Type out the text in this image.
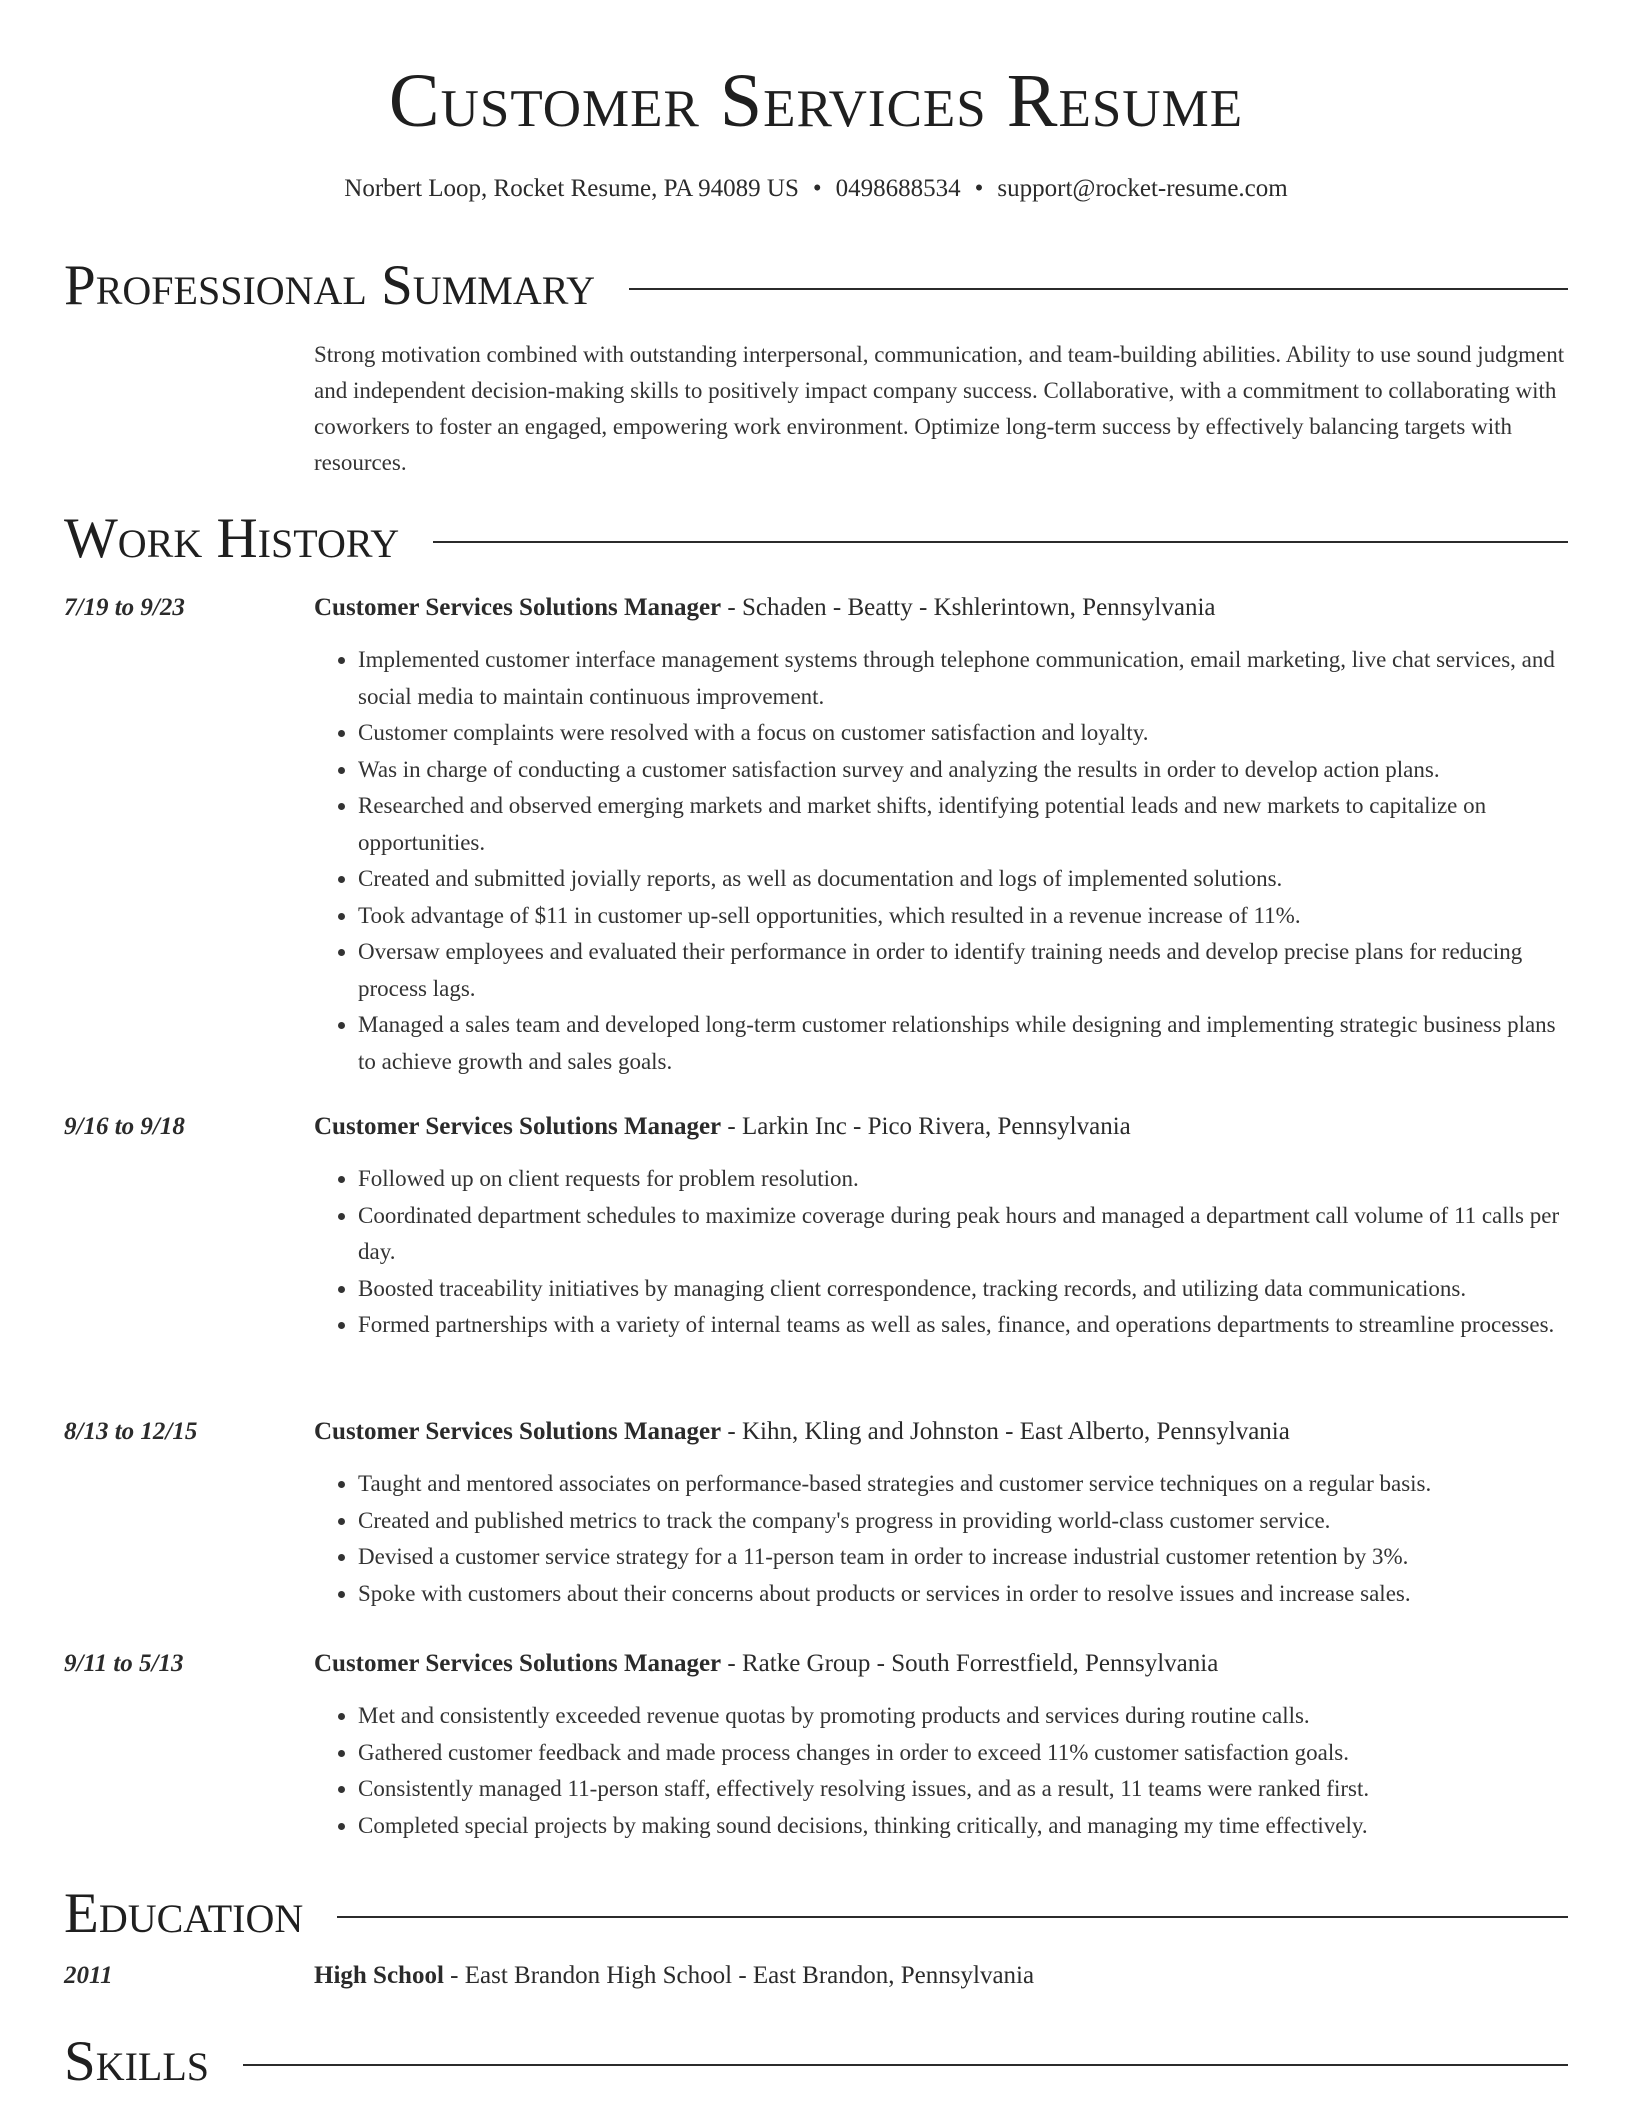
Customer Services Resume
Norbert Loop, Rocket Resume, PA 94089 US • 0498688534 • support@rocket-resume.com
Professional Summary

Strong motivation combined with outstanding interpersonal, communication, and team-building abilities. Ability to use sound judgment and independent decision-making skills to positively impact company success. Collaborative, with a commitment to collaborating with coworkers to foster an engaged, empowering work environment. Optimize long-term success by effectively balancing targets with resources.

Work History
7/19 to 9/23	Customer Services Solutions Manager - Schaden - Beatty - Kshlerintown, Pennsylvania
• Implemented customer interface management systems through telephone communication, email marketing, live chat services, and social media to maintain continuous improvement.
• Customer complaints were resolved with a focus on customer satisfaction and loyalty.
• Was in charge of conducting a customer satisfaction survey and analyzing the results in order to develop action plans.
• Researched and observed emerging markets and market shifts, identifying potential leads and new markets to capitalize on opportunities.
• Created and submitted jovially reports, as well as documentation and logs of implemented solutions.
• Took advantage of $11 in customer up-sell opportunities, which resulted in a revenue increase of 11%.
• Oversaw employees and evaluated their performance in order to identify training needs and develop precise plans for reducing process lags.
• Managed a sales team and developed long-term customer relationships while designing and implementing strategic business plans to achieve growth and sales goals.
9/16 to 9/18	Customer Services Solutions Manager - Larkin Inc - Pico Rivera, Pennsylvania
• Followed up on client requests for problem resolution.
• Coordinated department schedules to maximize coverage during peak hours and managed a department call volume of 11 calls per day.
• Boosted traceability initiatives by managing client correspondence, tracking records, and utilizing data communications.
• Formed partnerships with a variety of internal teams as well as sales, finance, and operations departments to streamline processes.
8/13 to 12/15	Customer Services Solutions Manager - Kihn, Kling and Johnston - East Alberto, Pennsylvania
• Taught and mentored associates on performance-based strategies and customer service techniques on a regular basis.
• Created and published metrics to track the company's progress in providing world-class customer service.
• Devised a customer service strategy for a 11-person team in order to increase industrial customer retention by 3%.
• Spoke with customers about their concerns about products or services in order to resolve issues and increase sales.
9/11 to 5/13	Customer Services Solutions Manager - Ratke Group - South Forrestfield, Pennsylvania
• Met and consistently exceeded revenue quotas by promoting products and services during routine calls.
• Gathered customer feedback and made process changes in order to exceed 11% customer satisfaction goals.
• Consistently managed 11-person staff, effectively resolving issues, and as a result, 11 teams were ranked first.
• Completed special projects by making sound decisions, thinking critically, and managing my time effectively.
Education
2011	High School - East Brandon High School - East Brandon, Pennsylvania
Skills
